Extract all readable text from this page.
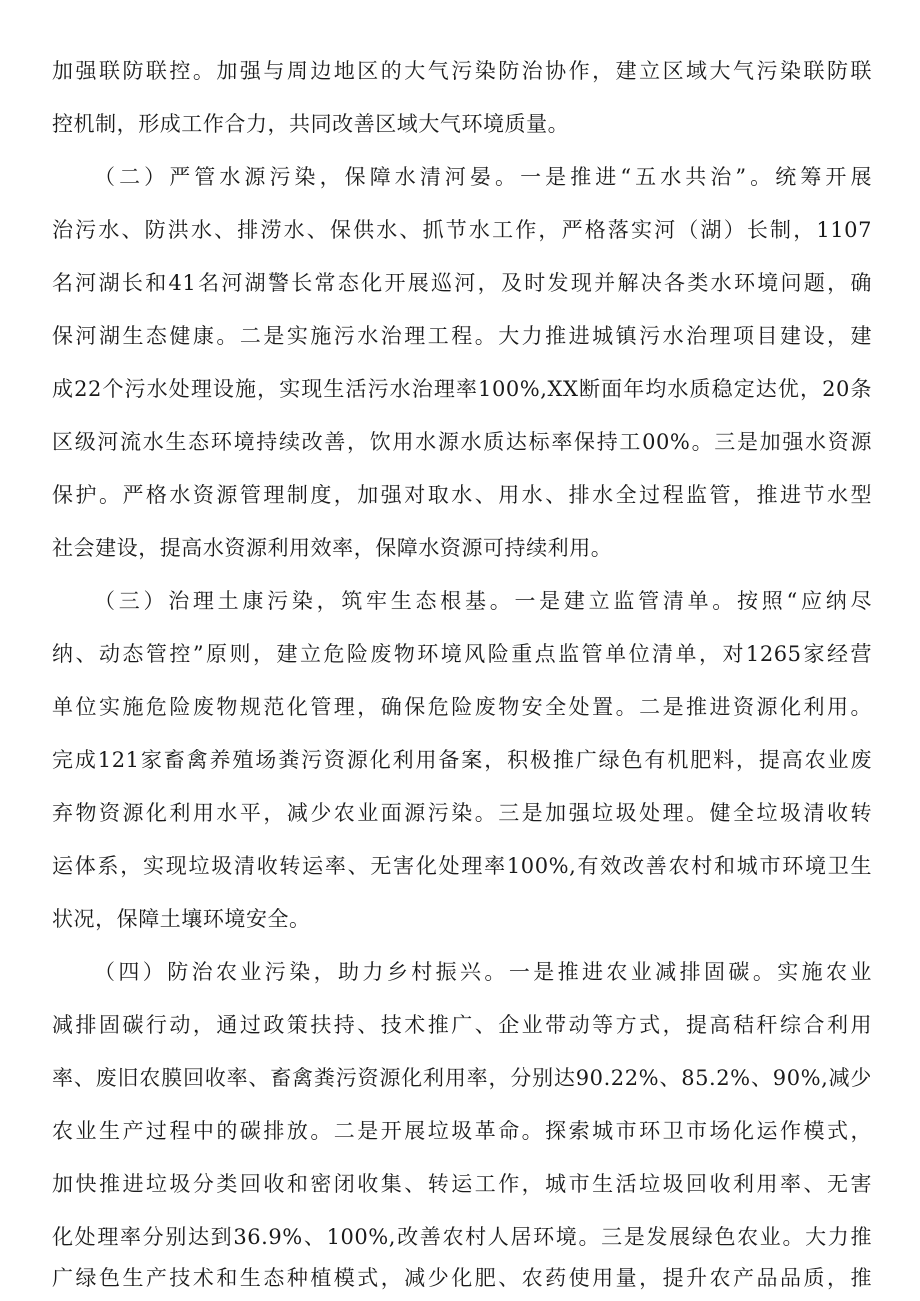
加强联防联控。加强与周边地区的大气污染防治协作，建立区域大气污染联防联
控机制，形成工作合力，共同改善区域大气环境质量。
（二）严管水源污染，保障水清河晏。一是推进“五水共治”。统筹开展
治污水、防洪水、排涝水、保供水、抓节水工作，严格落实河（湖）长制，1107
名河湖长和41名河湖警长常态化开展巡河，及时发现并解决各类水环境问题，确
保河湖生态健康。二是实施污水治理工程。大力推进城镇污水治理项目建设，建
成22个污水处理设施，实现生活污水治理率100%,XX断面年均水质稳定达优，20条
区级河流水生态环境持续改善，饮用水源水质达标率保持工00%。三是加强水资源
保护。严格水资源管理制度，加强对取水、用水、排水全过程监管，推进节水型
社会建设，提高水资源利用效率，保障水资源可持续利用。
（三）治理土康污染，筑牢生态根基。一是建立监管清单。按照“应纳尽
纳、动态管控”原则，建立危险废物环境风险重点监管单位清单，对1265家经营
单位实施危险废物规范化管理，确保危险废物安全处置。二是推进资源化利用。
完成121家畜禽养殖场粪污资源化利用备案，积极推广绿色有机肥料，提高农业废
弃物资源化利用水平，减少农业面源污染。三是加强垃圾处理。健全垃圾清收转
运体系，实现垃圾清收转运率、无害化处理率100%,有效改善农村和城市环境卫生
状况，保障土壤环境安全。
（四）防治农业污染，助力乡村振兴。一是推进农业减排固碳。实施农业
减排固碳行动，通过政策扶持、技术推广、企业带动等方式，提高秸秆综合利用
率、废旧农膜回收率、畜禽粪污资源化利用率，分别达90.22%、85.2%、90%,减少
农业生产过程中的碳排放。二是开展垃圾革命。探索城市环卫市场化运作模式，
加快推进垃圾分类回收和密闭收集、转运工作，城市生活垃圾回收利用率、无害
化处理率分别达到36.9%、100%,改善农村人居环境。三是发展绿色农业。大力推
广绿色生产技术和生态种植模式，减少化肥、农药使用量，提升农产品品质，推
